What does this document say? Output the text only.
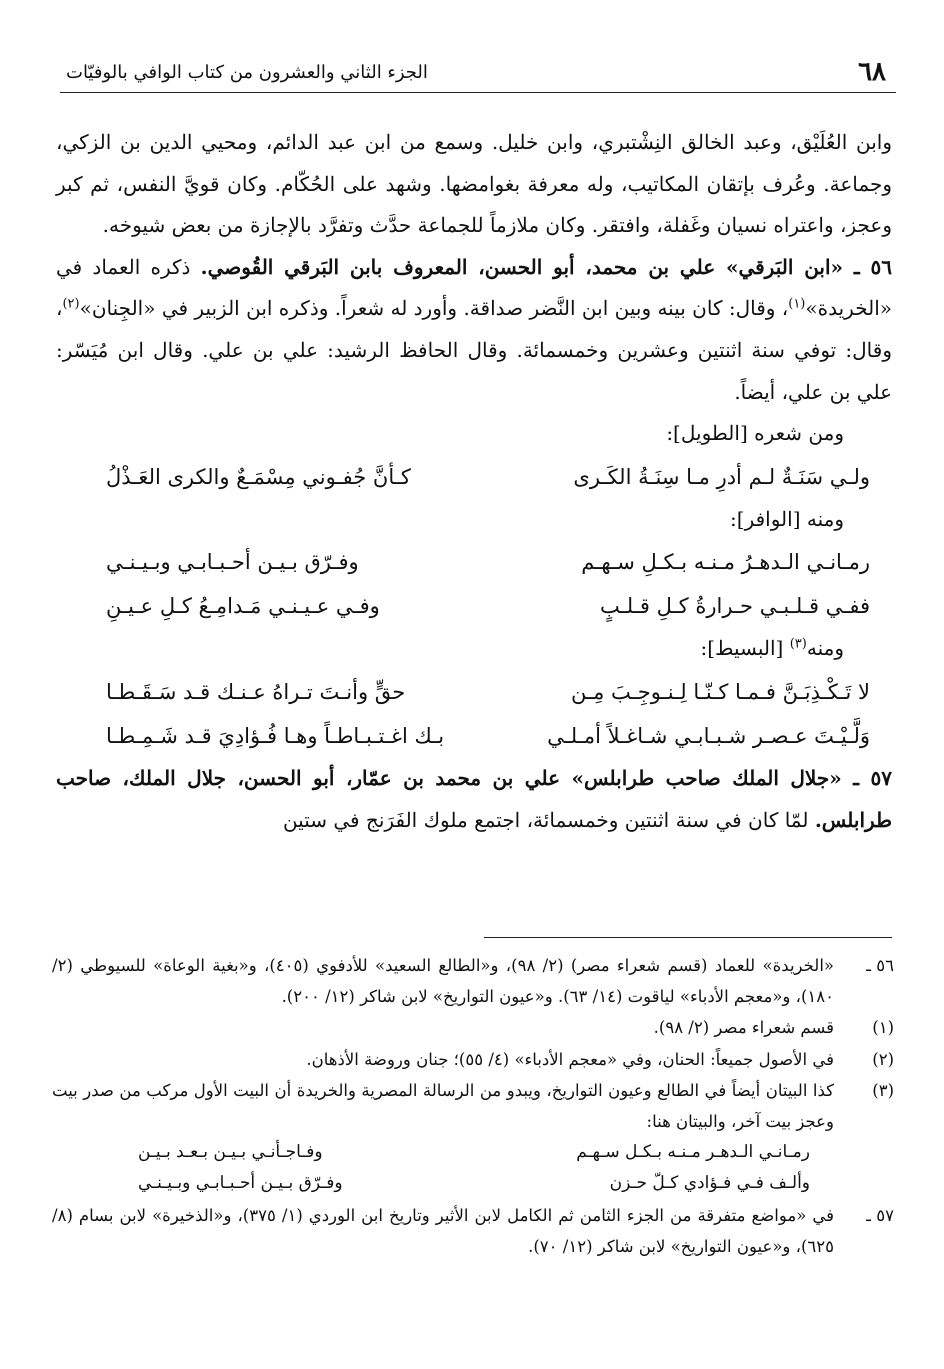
٦٨
الجزء الثاني والعشرون من كتاب الوافي بالوفيّات

وابن العُلَيْق، وعبد الخالق النِشْتبري، وابن خليل. وسمع من ابن عبد الدائم، ومحيي الدين بن الزكي، وجماعة. وعُرف بإتقان المكاتيب، وله معرفة بغوامضها. وشهد على الحُكّام. وكان قويَّ النفس، ثم كبر وعجز، واعتراه نسيان وغَفلة، وافتقر. وكان ملازماً للجماعة حدَّث وتفرَّد بالإجازة من بعض شيوخه.

٥٦ ـ «ابن البَرقي» علي بن محمد، أبو الحسن، المعروف بابن البَرقي القُوصي. ذكره العماد في «الخريدة»$^{(١)}$، وقال: كان بينه وبين ابن النَّضر صداقة. وأورد له شعراً. وذكره ابن الزبير في «الجِنان»$^{(٢)}$، وقال: توفي سنة اثنتين وعشرين وخمسمائة. وقال الحافظ الرشيد: علي بن علي. وقال ابن مُيَسّر: علي بن علي، أيضاً.

ومن شعره [الطويل]:

ولـي سَنَـةٌ لـم أدرِ مـا سِنَـةُ الكَـرى
كـأنَّ جُفـوني مِسْمَـعٌ والكرى العَـذْلُ

ومنه [الوافر]:

رمـانـي الـدهـرُ مـنـه بـكـلِ سـهـم
وفـرّق بـيـن أحـبـابـي وبـيـنـي
ففـي قـلـبـي حـرارةُ كـلِ قـلـبٍ
وفـي عـيـنـي مَـدامِـعُ كـلِ عـيـنِ

ومنه$^{(٣)}$ [البسيط]:

لا تَـكْـذِبَـنَّ فـمـا كـنّـا لِـنـوجِـبَ مِـن
حقٍّ وأنـتَ تـراهُ عـنـك قـد سَـقَـطـا
وَلَّـيْـتَ عـصـر شـبـابـي شـاغـلاً أمـلـي
بـك اغـتـبـاطـاً وهـا فُـؤادِيَ قـد شَـمِـطـا

٥٧ ـ «جلال الملك صاحب طرابلس» علي بن محمد بن عمّار، أبو الحسن، جلال الملك، صاحب طرابلس. لمّا كان في سنة اثنتين وخمسمائة، اجتمع ملوك الفَرَنج في ستين

٥٦ ـ
«الخريدة» للعماد (قسم شعراء مصر) (٢/ ٩٨)، و«الطالع السعيد» للأدفوي (٤٠٥)، و«بغية الوعاة» للسيوطي (٢/ ١٨٠)، و«معجم الأدباء» لياقوت (١٤/ ٦٣). و«عيون التواريخ» لابن شاكر (١٢/ ٢٠٠).
(١)
قسم شعراء مصر (٢/ ٩٨).
(٢)
في الأصول جميعاً: الحنان، وفي «معجم الأدباء» (٤/ ٥٥)؛ جنان وروضة الأذهان.
(٣)
كذا البيتان أيضاً في الطالع وعيون التواريخ، ويبدو من الرسالة المصرية والخريدة أن البيت الأول مركب من صدر بيت وعجز بيت آخر، والبيتان هنا:
رمـانـي الـدهـر مـنـه بـكـل سـهـم
وفـاجـأنـي بـيـن بـعـد بـيـن
وألـف فـي فـؤادي كـلّ حـزن
وفـرّق بـيـن أحـبـابـي وبـيـنـي
٥٧ ـ
في «مواضع متفرقة من الجزء الثامن ثم الكامل لابن الأثير وتاريخ ابن الوردي (١/ ٣٧٥)، و«الذخيرة» لابن بسام (٨/ ٦٢٥)، و«عيون التواريخ» لابن شاكر (١٢/ ٧٠).
